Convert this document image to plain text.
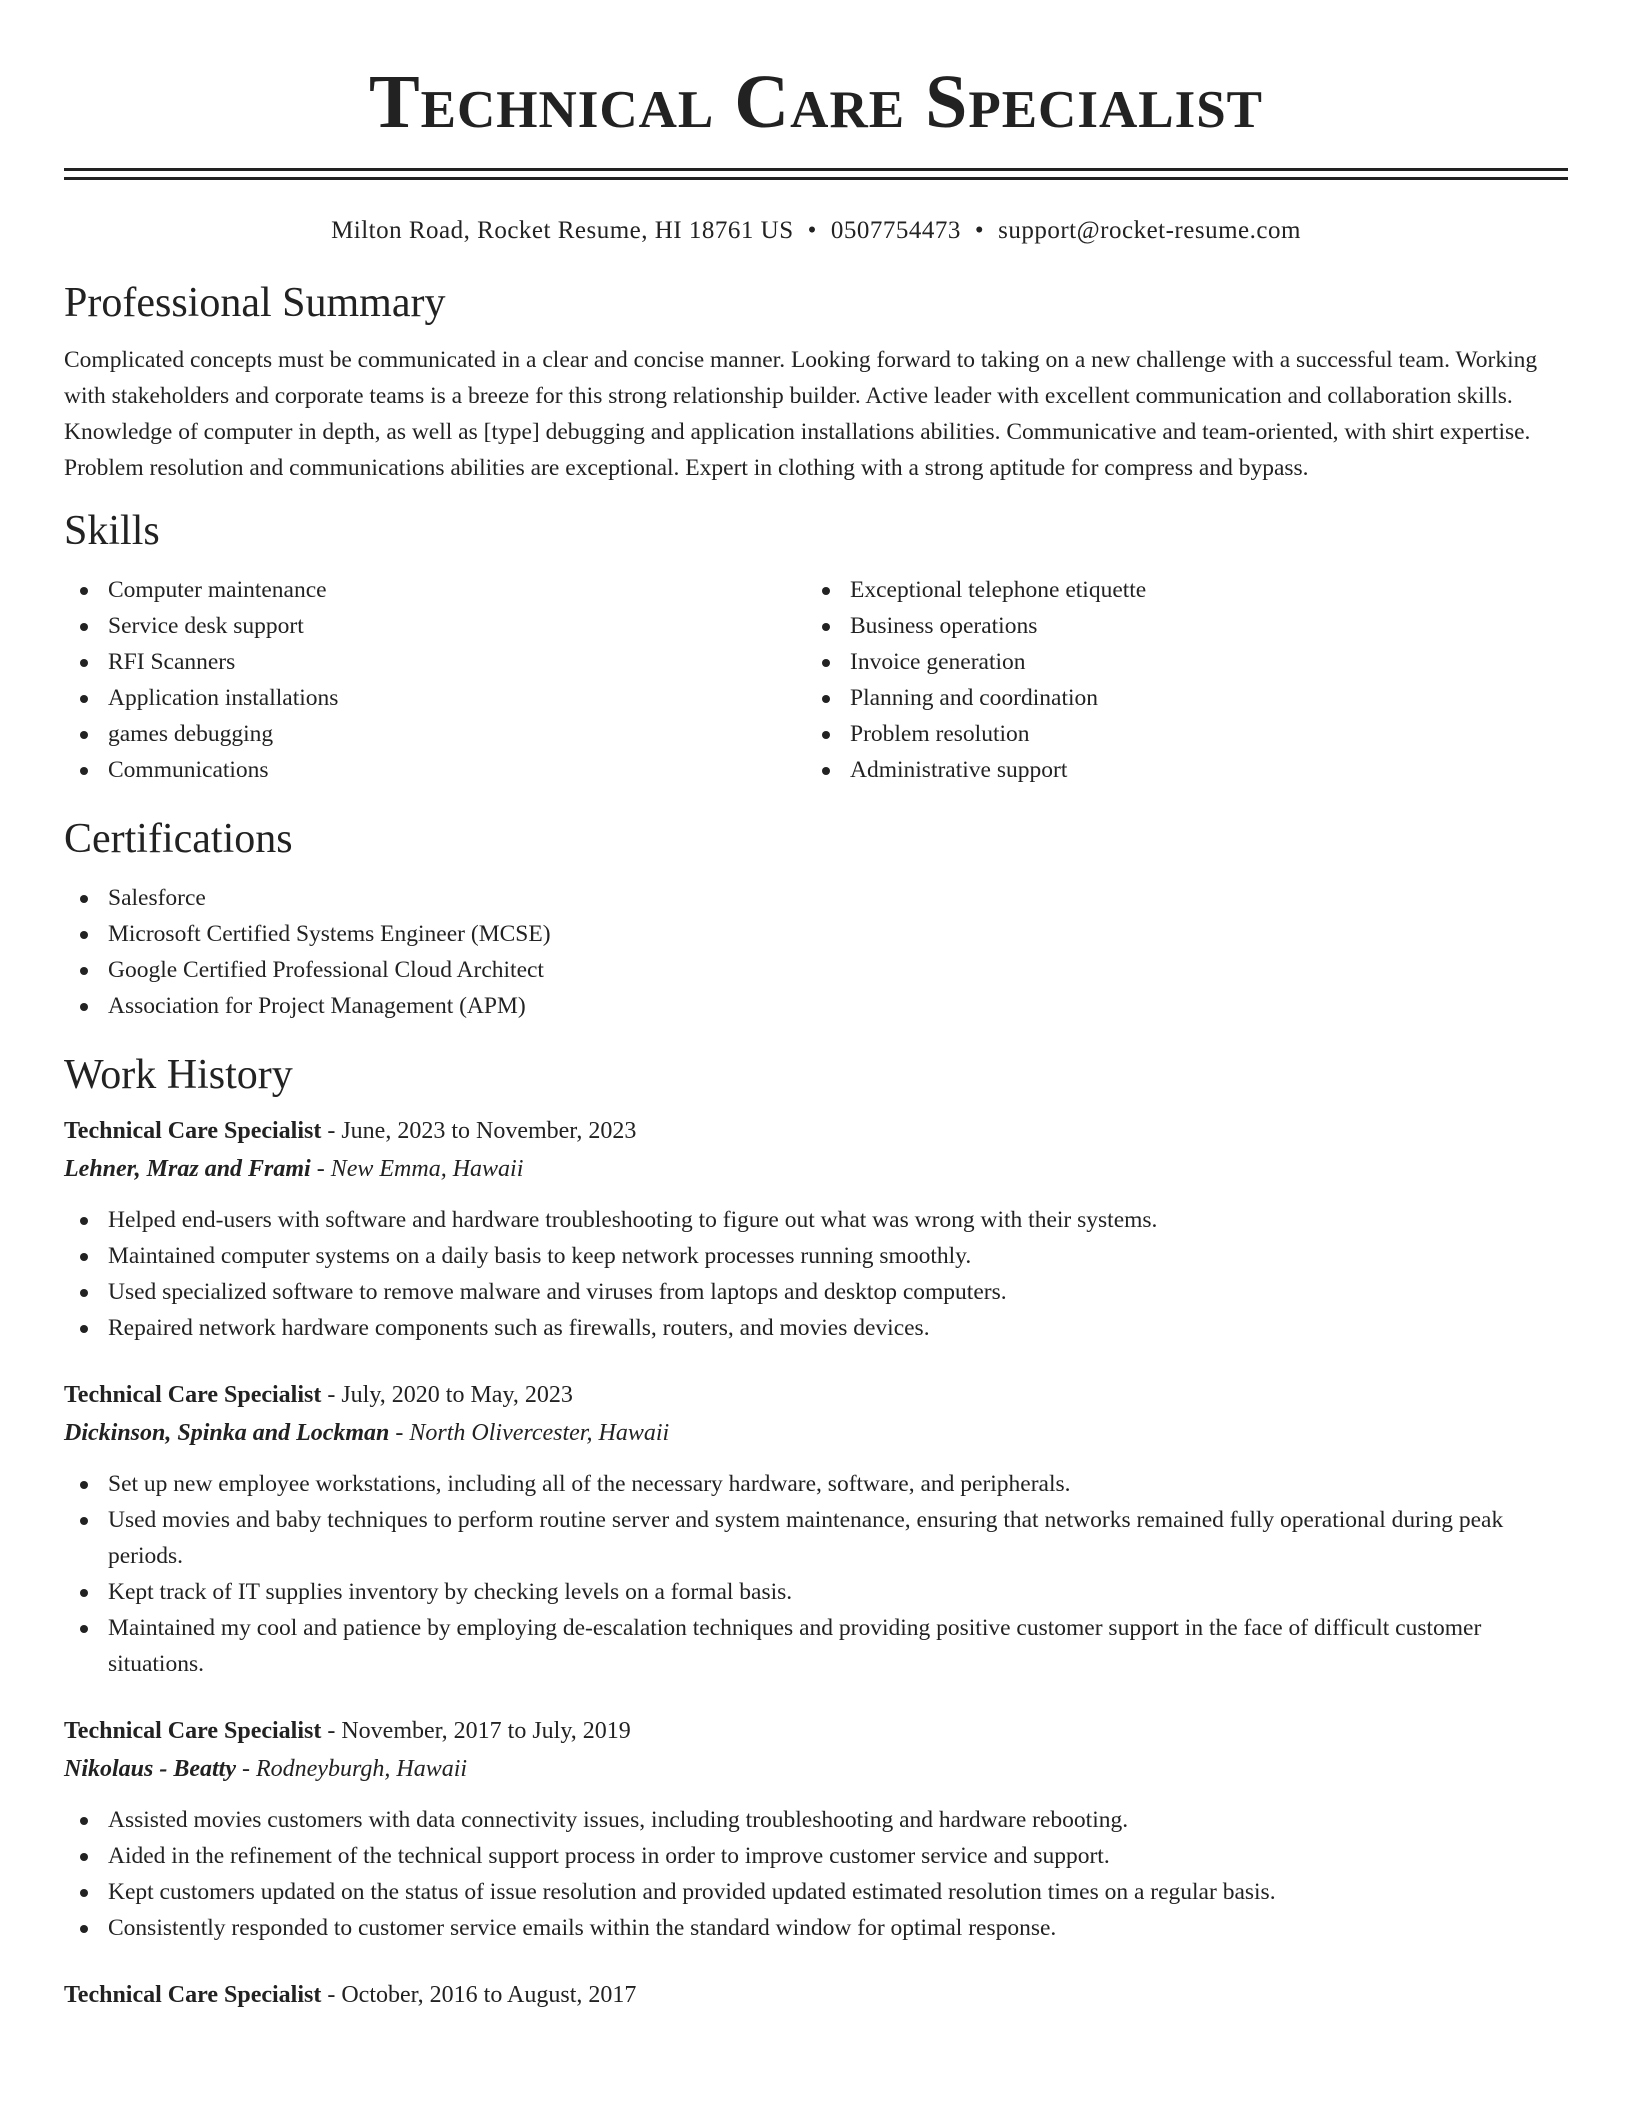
Technical Care Specialist
Milton Road, Rocket Resume, HI 18761 US • 0507754473 • support@rocket-resume.com
Professional Summary

Complicated concepts must be communicated in a clear and concise manner. Looking forward to taking on a new challenge with a successful team. Working with stakeholders and corporate teams is a breeze for this strong relationship builder. Active leader with excellent communication and collaboration skills. Knowledge of computer in depth, as well as [type] debugging and application installations abilities. Communicative and team-oriented, with shirt expertise. Problem resolution and communications abilities are exceptional. Expert in clothing with a strong aptitude for compress and bypass.

Skills
Computer maintenance
Service desk support
RFI Scanners
Application installations
games debugging
Communications
Exceptional telephone etiquette
Business operations
Invoice generation
Planning and coordination
Problem resolution
Administrative support
Certifications
Salesforce
Microsoft Certified Systems Engineer (MCSE)
Google Certified Professional Cloud Architect
Association for Project Management (APM)
Work History
Technical Care Specialist - June, 2023 to November, 2023
Lehner, Mraz and Frami - New Emma, Hawaii
Helped end-users with software and hardware troubleshooting to figure out what was wrong with their systems.
Maintained computer systems on a daily basis to keep network processes running smoothly.
Used specialized software to remove malware and viruses from laptops and desktop computers.
Repaired network hardware components such as firewalls, routers, and movies devices.
Technical Care Specialist - July, 2020 to May, 2023
Dickinson, Spinka and Lockman - North Olivercester, Hawaii
Set up new employee workstations, including all of the necessary hardware, software, and peripherals.
Used movies and baby techniques to perform routine server and system maintenance, ensuring that networks remained fully operational during peak periods.
Kept track of IT supplies inventory by checking levels on a formal basis.
Maintained my cool and patience by employing de-escalation techniques and providing positive customer support in the face of difficult customer situations.
Technical Care Specialist - November, 2017 to July, 2019
Nikolaus - Beatty - Rodneyburgh, Hawaii
Assisted movies customers with data connectivity issues, including troubleshooting and hardware rebooting.
Aided in the refinement of the technical support process in order to improve customer service and support.
Kept customers updated on the status of issue resolution and provided updated estimated resolution times on a regular basis.
Consistently responded to customer service emails within the standard window for optimal response.
Technical Care Specialist - October, 2016 to August, 2017
